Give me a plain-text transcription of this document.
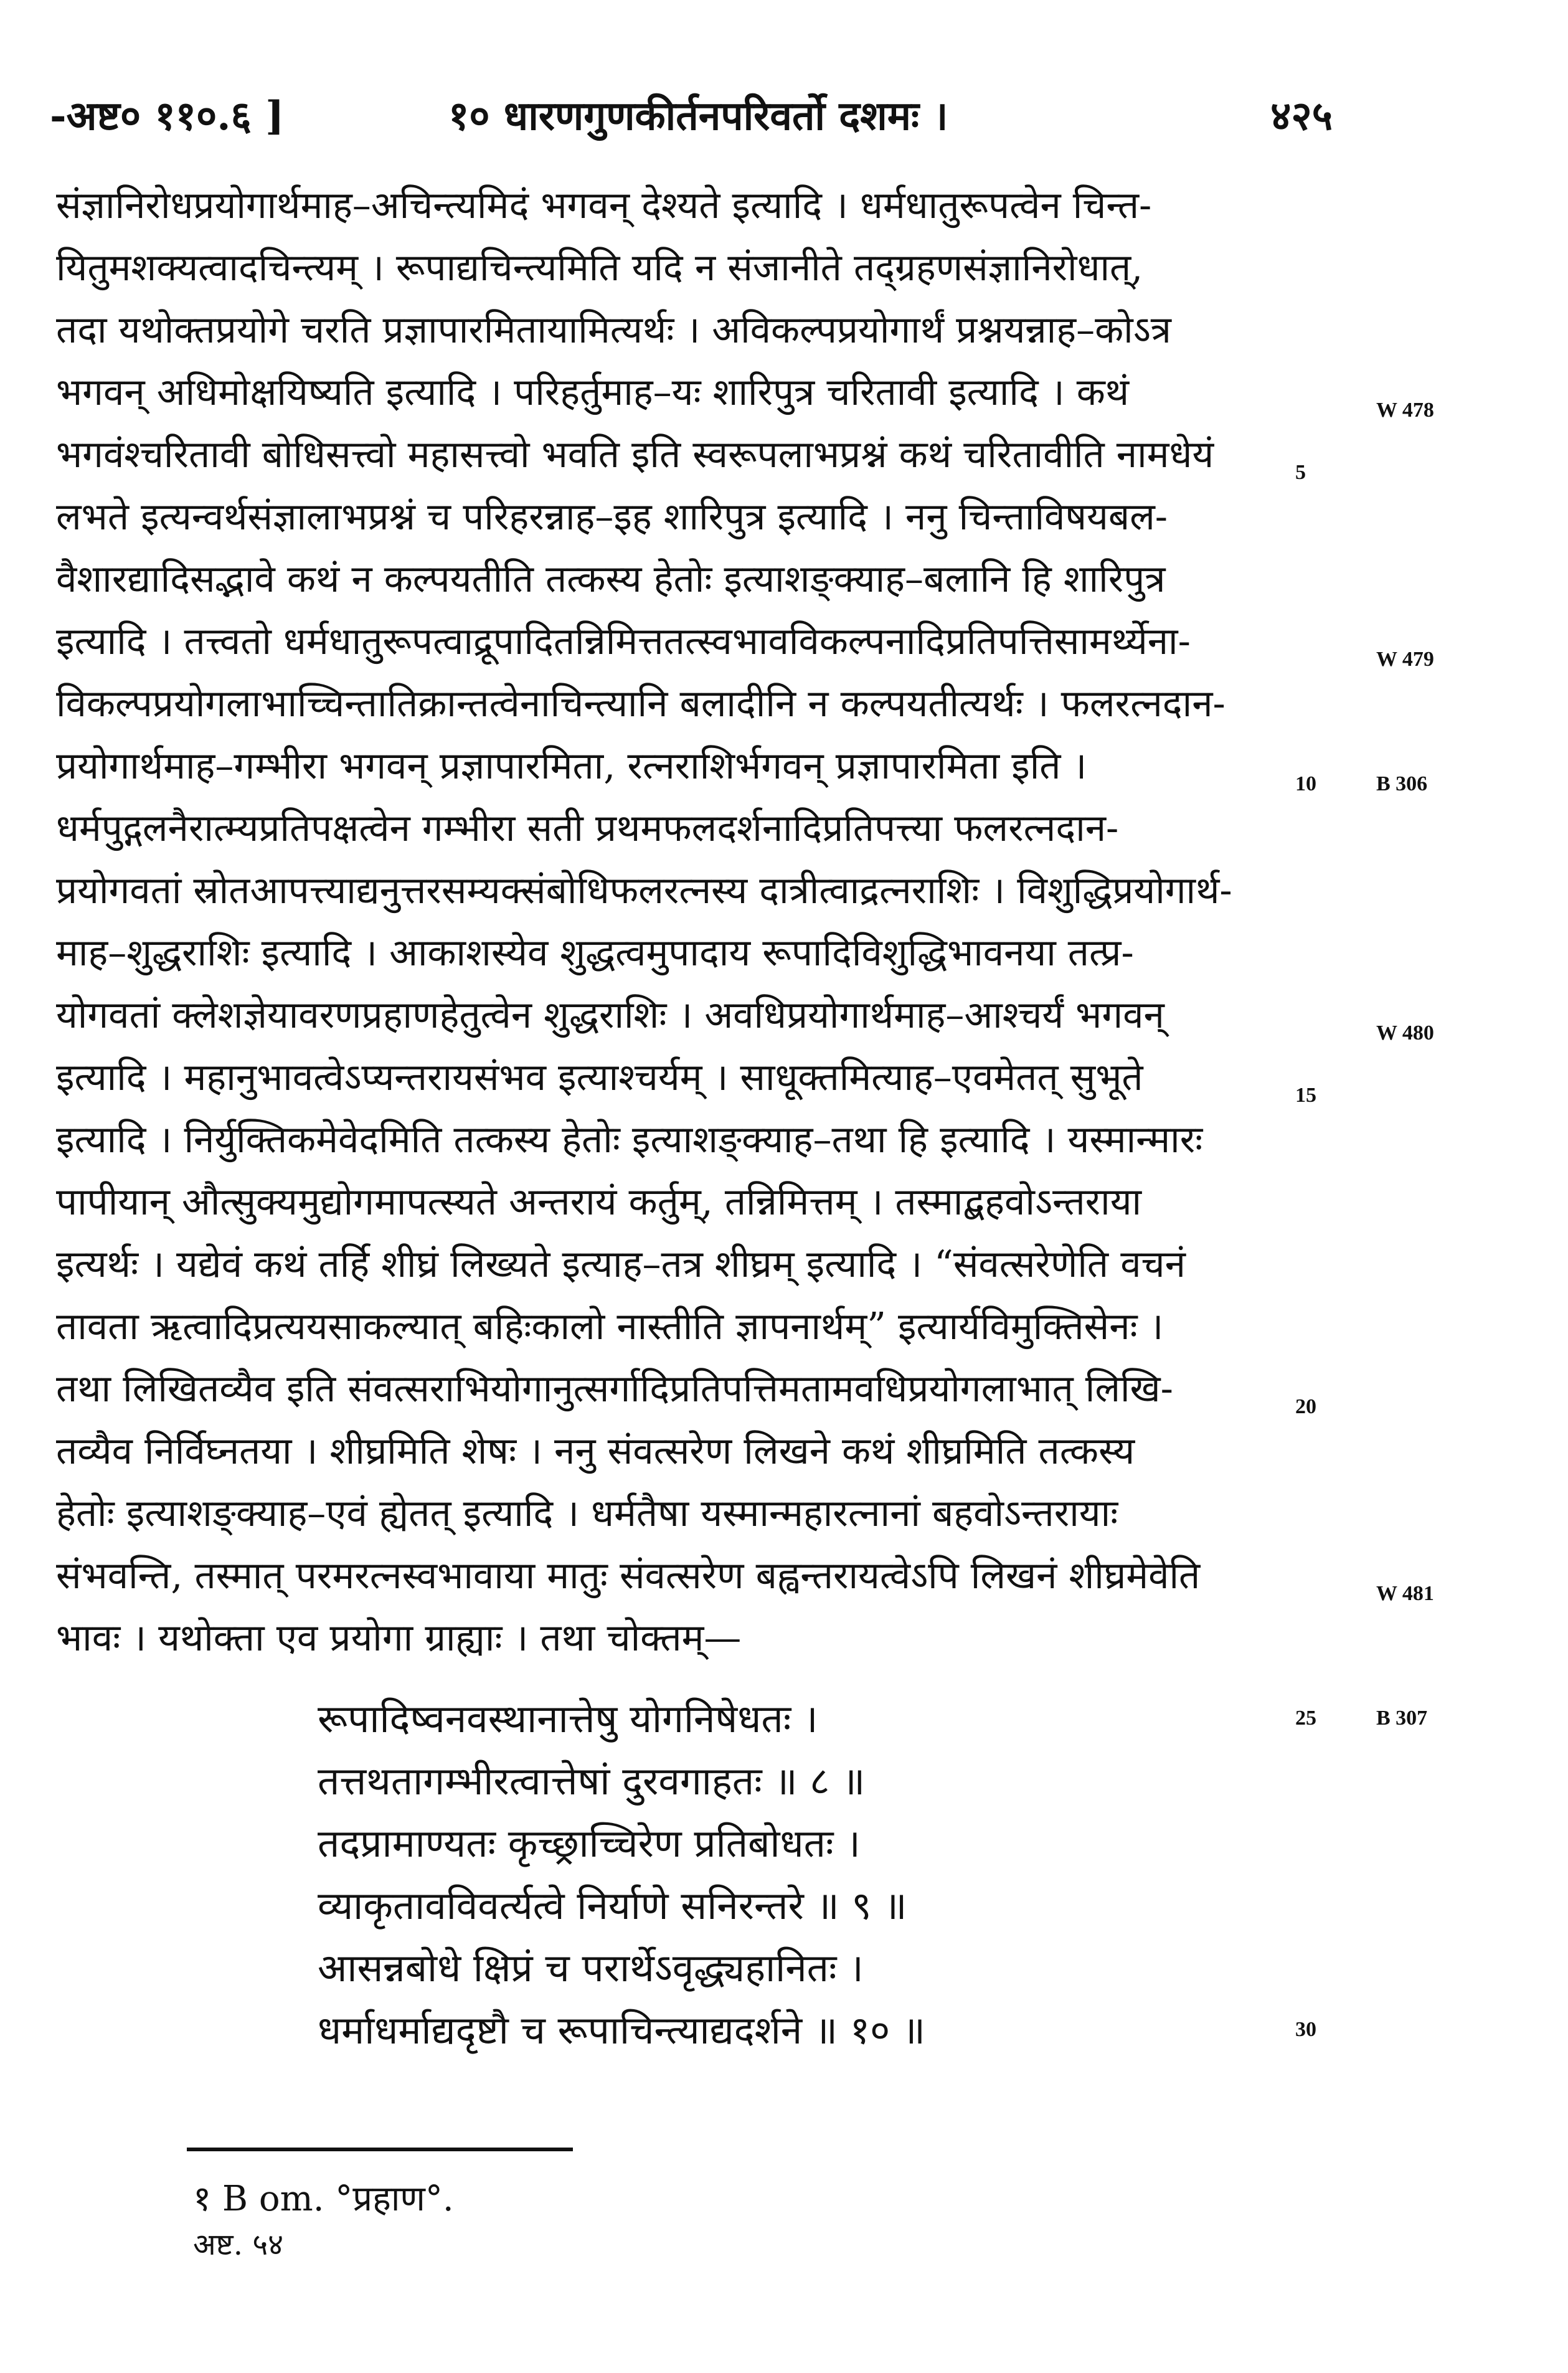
-अष्ट० ११०.६ ]	१० धारणगुणकीर्तनपरिवर्तो दशमः ।	४२५
संज्ञानिरोधप्रयोगार्थमाह–अचिन्त्यमिदं भगवन् देश्यते इत्यादि । धर्मधातुरूपत्वेन चिन्त-
यितुमशक्यत्वादचिन्त्यम् । रूपाद्यचिन्त्यमिति यदि न संजानीते तद्ग्रहणसंज्ञानिरोधात्,
तदा यथोक्तप्रयोगे चरति प्रज्ञापारमितायामित्यर्थः । अविकल्पप्रयोगार्थं प्रश्नयन्नाह–कोऽत्र
भगवन् अधिमोक्षयिष्यति इत्यादि । परिहर्तुमाह–यः शारिपुत्र चरितावी इत्यादि । कथं
भगवंश्चरितावी बोधिसत्त्वो महासत्त्वो भवति इति स्वरूपलाभप्रश्नं कथं चरितावीति नामधेयं
लभते इत्यन्वर्थसंज्ञालाभप्रश्नं च परिहरन्नाह–इह शारिपुत्र इत्यादि । ननु चिन्ताविषयबल-
वैशारद्यादिसद्भावे कथं न कल्पयतीति तत्कस्य हेतोः इत्याशङ्क्याह–बलानि हि शारिपुत्र
इत्यादि । तत्त्वतो धर्मधातुरूपत्वाद्रूपादितन्निमित्ततत्स्वभावविकल्पनादिप्रतिपत्तिसामर्थ्येना-
विकल्पप्रयोगलाभाच्चिन्तातिक्रान्तत्वेनाचिन्त्यानि बलादीनि न कल्पयतीत्यर्थः । फलरत्नदान-
प्रयोगार्थमाह–गम्भीरा भगवन् प्रज्ञापारमिता, रत्नराशिर्भगवन् प्रज्ञापारमिता इति ।
धर्मपुद्गलनैरात्म्यप्रतिपक्षत्वेन गम्भीरा सती प्रथमफलदर्शनादिप्रतिपत्त्या फलरत्नदान-
प्रयोगवतां स्रोतआपत्त्याद्यनुत्तरसम्यक्संबोधिफलरत्नस्य दात्रीत्वाद्रत्नराशिः । विशुद्धिप्रयोगार्थ-
माह–शुद्धराशिः इत्यादि । आकाशस्येव शुद्धत्वमुपादाय रूपादिविशुद्धिभावनया तत्प्र-
योगवतां क्लेशज्ञेयावरणप्रहाणहेतुत्वेन शुद्धराशिः । अवधिप्रयोगार्थमाह–आश्चर्यं भगवन्
इत्यादि । महानुभावत्वेऽप्यन्तरायसंभव इत्याश्चर्यम् । साधूक्तमित्याह–एवमेतत् सुभूते
इत्यादि । निर्युक्तिकमेवेदमिति तत्कस्य हेतोः इत्याशङ्क्याह–तथा हि इत्यादि । यस्मान्मारः
पापीयान् औत्सुक्यमुद्योगमापत्स्यते अन्तरायं कर्तुम्, तन्निमित्तम् । तस्माद्बहवोऽन्तराया
इत्यर्थः । यद्येवं कथं तर्हि शीघ्रं लिख्यते इत्याह–तत्र शीघ्रम् इत्यादि । “संवत्सरेणेति वचनं
तावता ऋत्वादिप्रत्ययसाकल्यात् बहिःकालो नास्तीति ज्ञापनार्थम्” इत्यार्यविमुक्तिसेनः ।
तथा लिखितव्यैव इति संवत्सराभियोगानुत्सर्गादिप्रतिपत्तिमतामवधिप्रयोगलाभात् लिखि-
तव्यैव निर्विघ्नतया । शीघ्रमिति शेषः । ननु संवत्सरेण लिखने कथं शीघ्रमिति तत्कस्य
हेतोः इत्याशङ्क्याह–एवं ह्येतत् इत्यादि । धर्मतैषा यस्मान्महारत्नानां बहवोऽन्तरायाः
संभवन्ति, तस्मात् परमरत्नस्वभावाया मातुः संवत्सरेण बह्वन्तरायत्वेऽपि लिखनं शीघ्रमेवेति
भावः । यथोक्ता एव प्रयोगा ग्राह्याः । तथा चोक्तम्—
रूपादिष्वनवस्थानात्तेषु योगनिषेधतः ।
तत्तथतागम्भीरत्वात्तेषां दुरवगाहतः ॥ ८ ॥
तदप्रामाण्यतः कृच्छ्राच्चिरेण प्रतिबोधतः ।
व्याकृतावविवर्त्यत्वे निर्याणे सनिरन्तरे ॥ ९ ॥
आसन्नबोधे क्षिप्रं च परार्थेऽवृद्ध्यहानितः ।
धर्माधर्माद्यदृष्टौ च रूपाचिन्त्याद्यदर्शने ॥ १० ॥
5
10
15
20
25
30
W 478
W 479
B 306
W 480
W 481
B 307
१ B om. °प्रहाण°.
अष्ट. ५४
